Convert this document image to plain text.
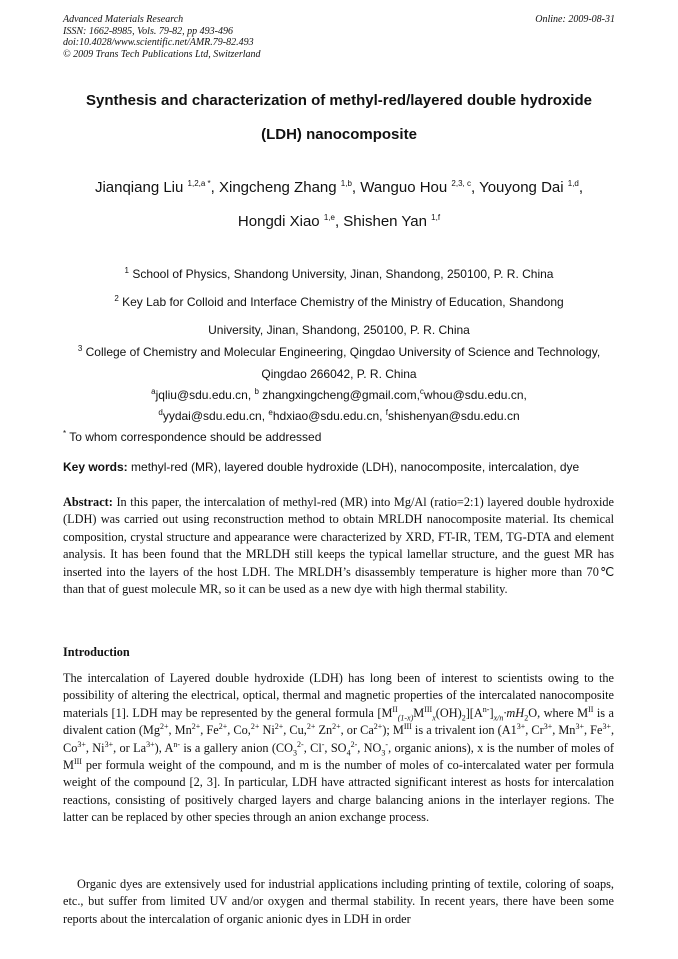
Advanced Materials Research
ISSN: 1662-8985, Vols. 79-82, pp 493-496
doi:10.4028/www.scientific.net/AMR.79-82.493
© 2009 Trans Tech Publications Ltd, Switzerland
Online: 2009-08-31
Synthesis and characterization of methyl-red/layered double hydroxide
(LDH) nanocomposite
Jianqiang Liu $^{1,2,a *}$, Xingcheng Zhang $^{1,b}$, Wanguo Hou $^{2,3, c}$, Youyong Dai $^{1,d}$,
Hongdi Xiao $^{1,e}$, Shishen Yan $^{1,f}$
$^1$ School of Physics, Shandong University, Jinan, Shandong, 250100, P. R. China
$^2$ Key Lab for Colloid and Interface Chemistry of the Ministry of Education, Shandong
University, Jinan, Shandong, 250100, P. R. China
$^3$ College of Chemistry and Molecular Engineering, Qingdao University of Science and Technology,
Qingdao 266042, P. R. China
$^a$jqliu@sdu.edu.cn, $^b$ zhangxingcheng@gmail.com,$^c$whou@sdu.edu.cn,
$^d$yydai@sdu.edu.cn, $^e$hdxiao@sdu.edu.cn, $^f$shishenyan@sdu.edu.cn
* To whom correspondence should be addressed
Key words: methyl-red (MR), layered double hydroxide (LDH), nanocomposite, intercalation, dye
Abstract: In this paper, the intercalation of methyl-red (MR) into Mg/Al (ratio=2:1) layered double hydroxide (LDH) was carried out using reconstruction method to obtain MRLDH nanocomposite material. Its chemical composition, crystal structure and appearance were characterized by XRD, FT-IR, TEM, TG-DTA and element analysis. It has been found that the MRLDH still keeps the typical lamellar structure, and the guest MR has inserted into the layers of the host LDH. The MRLDH’s disassembly temperature is higher more than 70℃ than that of guest molecule MR, so it can be used as a new dye with high thermal stability.
Introduction
The intercalation of Layered double hydroxide (LDH) has long been of interest to scientists owing to the possibility of altering the electrical, optical, thermal and magnetic properties of the intercalated nanocomposite materials [1]. LDH may be represented by the general formula $[M^{II}_{(1-x)}M^{III}_x(OH)_2][A^{n-}]_{x/n}\cdot mH_2O$, where $M^{II}$ is a divalent cation ($Mg^{2+}$, $Mn^{2+}$, $Fe^{2+}$, Co,$^{2+}$ $Ni^{2+}$, Cu,$^{2+}$ $Zn^{2+}$, or $Ca^{2+}$); $M^{III}$ is a trivalent ion ($A1^{3+}$, $Cr^{3+}$, $Mn^{3+}$, $Fe^{3+}$, $Co^{3+}$, $Ni^{3+}$, or $La^{3+}$), $A^{n-}$ is a gallery anion ($CO_3^{2-}$, Cl-, $SO_4^{2-}$, $NO_3^-$, organic anions), x is the number of moles of $M^{III}$ per formula weight of the compound, and m is the number of moles of co-intercalated water per formula weight of the compound [2, 3]. In particular, LDH have attracted significant interest as hosts for intercalation reactions, consisting of positively charged layers and charge balancing anions in the interlayer regions. The latter can be replaced by other species through an anion exchange process.
Organic dyes are extensively used for industrial applications including printing of textile, coloring of soaps, etc., but suffer from limited UV and/or oxygen and thermal stability. In recent years, there have been some reports about the intercalation of organic anionic dyes in LDH in order
